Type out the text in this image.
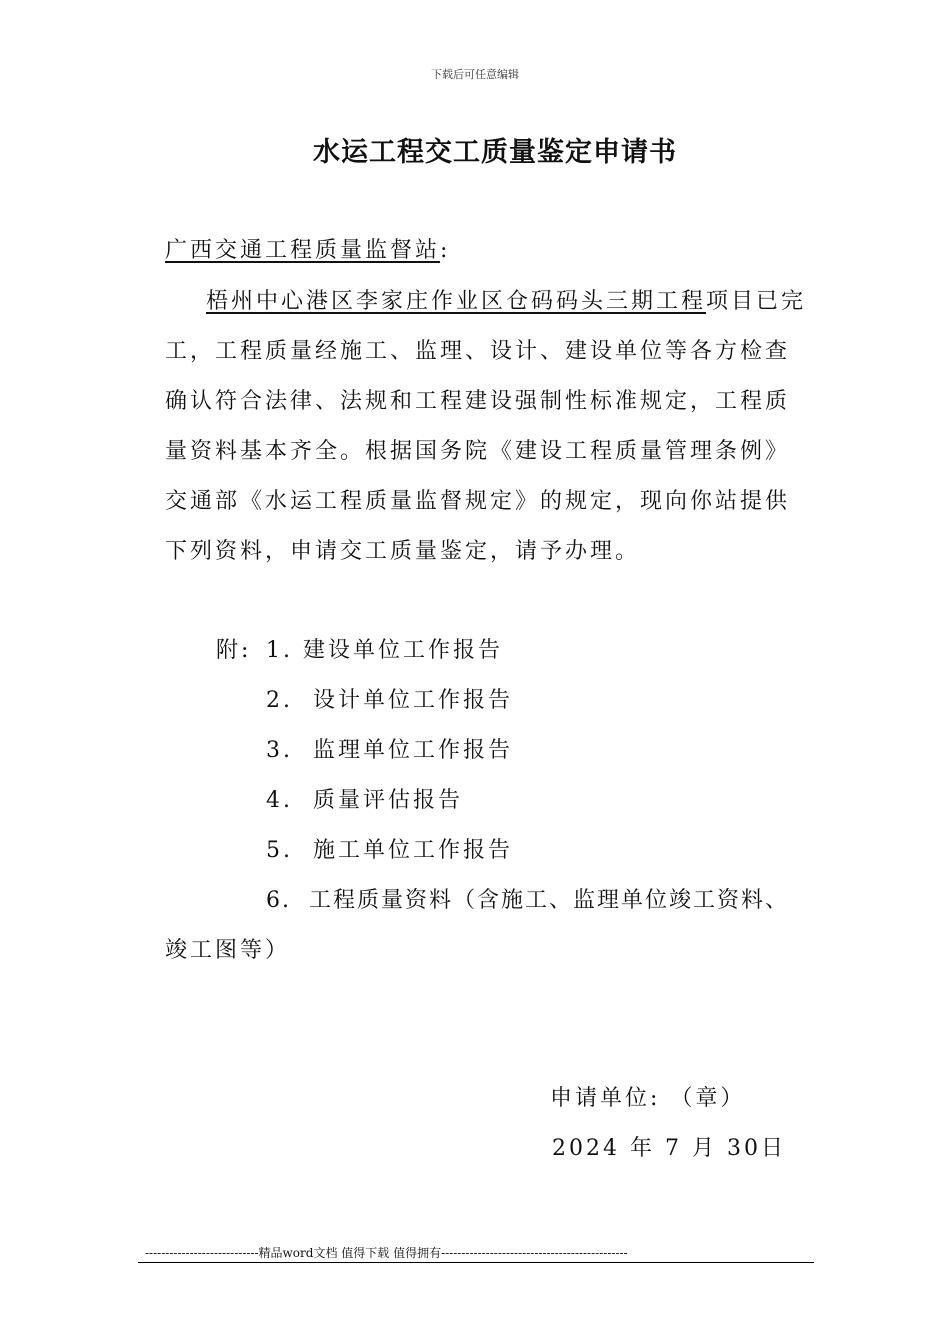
下载后可任意编辑
水运工程交工质量鉴定申请书
广西交通工程质量监督站:
梧州中心港区李家庄作业区仓码码头三期工程项目已完
工，工程质量经施工、监理、设计、建设单位等各方检查
确认符合法律、法规和工程建设强制性标准规定，工程质
量资料基本齐全。根据国务院《建设工程质量管理条例》
交通部《水运工程质量监督规定》的规定，现向你站提供
下列资料，申请交工质量鉴定，请予办理。
附: 1. 建设单位工作报告
2. 设计单位工作报告
3. 监理单位工作报告
4. 质量评估报告
5. 施工单位工作报告
6. 工程质量资料（含施工、监理单位竣工资料、
竣工图等）
申请单位: （章）
2024 年 7 月 30日
----------------------------精品word文档 值得下载 值得拥有----------------------------------------------
